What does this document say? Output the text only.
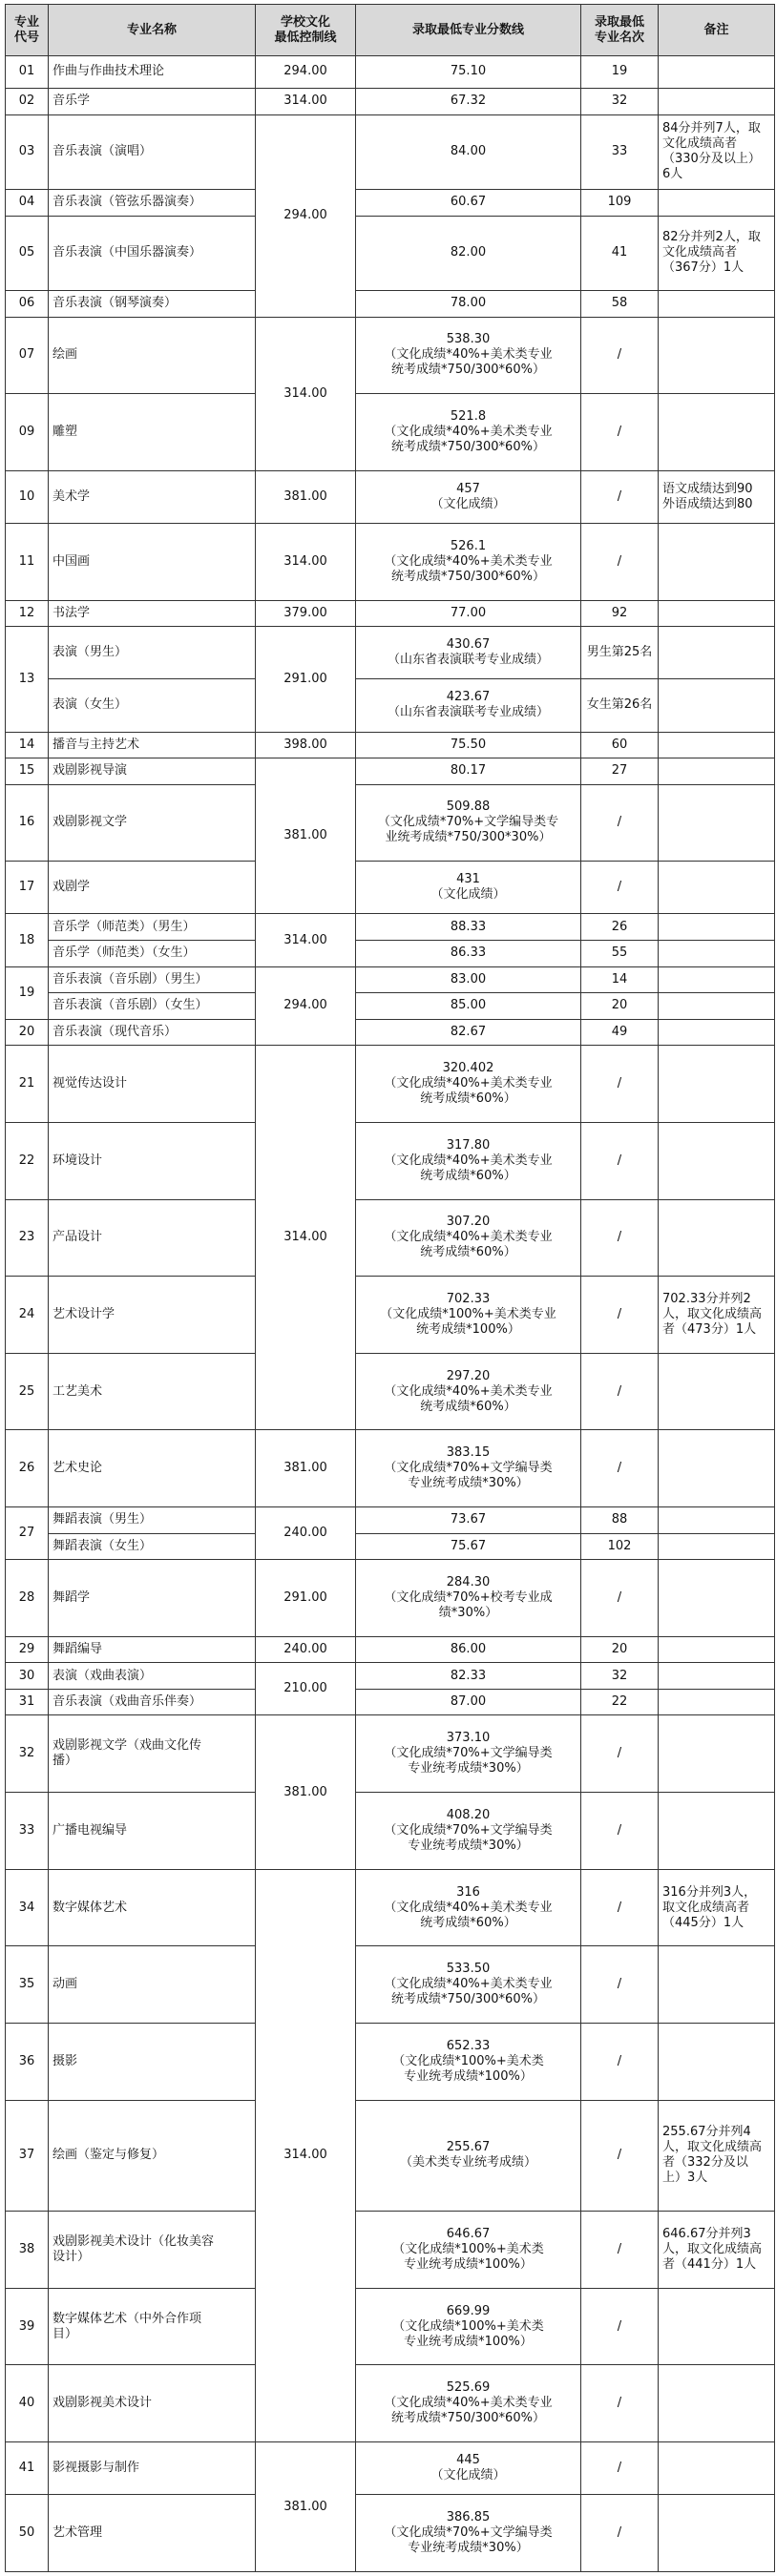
专业
代号	专业名称	学校文化
最低控制线	录取最低专业分数线	录取最低
专业名次	备注
01	作曲与作曲技术理论	294.00	75.10	19	
02	音乐学	314.00	67.32	32	
03	音乐表演（演唱）	294.00	84.00	33	84分并列7人，取
文化成绩高者
（330分及以上）
6人
04	音乐表演（管弦乐器演奏）		60.67	109	
05	音乐表演（中国乐器演奏）		82.00	41	82分并列2人，取
文化成绩高者
（367分）1人
06	音乐表演（钢琴演奏）		78.00	58	
07	绘画	314.00	538.30
（文化成绩*40%+美术类专业
统考成绩*750/300*60%）	/	
09	雕塑		521.8
（文化成绩*40%+美术类专业
统考成绩*750/300*60%）	/	
10	美术学	381.00	457
（文化成绩）	/	语文成绩达到90
外语成绩达到80
11	中国画	314.00	526.1
（文化成绩*40%+美术类专业
统考成绩*750/300*60%）	/	
12	书法学	379.00	77.00	92	
13	表演（男生）	291.00	430.67
（山东省表演联考专业成绩）	男生第25名	
	表演（女生）		423.67
（山东省表演联考专业成绩）	女生第26名	
14	播音与主持艺术	398.00	75.50	60	
15	戏剧影视导演	381.00	80.17	27	
16	戏剧影视文学		509.88
（文化成绩*70%+文学编导类专
业统考成绩*750/300*30%）	/	
17	戏剧学		431
（文化成绩）	/	
18	音乐学（师范类）（男生）	314.00	88.33	26	
	音乐学（师范类）（女生）		86.33	55	
19	音乐表演（音乐剧）（男生）	294.00	83.00	14	
	音乐表演（音乐剧）（女生）		85.00	20	
20	音乐表演（现代音乐）		82.67	49	
21	视觉传达设计	314.00	320.402
（文化成绩*40%+美术类专业
统考成绩*60%）	/	
22	环境设计		317.80
（文化成绩*40%+美术类专业
统考成绩*60%）	/	
23	产品设计		307.20
（文化成绩*40%+美术类专业
统考成绩*60%）	/	
24	艺术设计学		702.33
（文化成绩*100%+美术类专业
统考成绩*100%）	/	702.33分并列2
人，取文化成绩高
者（473分）1人
25	工艺美术		297.20
（文化成绩*40%+美术类专业
统考成绩*60%）	/	
26	艺术史论	381.00	383.15
（文化成绩*70%+文学编导类
专业统考成绩*30%）	/	
27	舞蹈表演（男生）	240.00	73.67	88	
	舞蹈表演（女生）		75.67	102	
28	舞蹈学	291.00	284.30
（文化成绩*70%+校考专业成
绩*30%）	/	
29	舞蹈编导	240.00	86.00	20	
30	表演（戏曲表演）	210.00	82.33	32	
31	音乐表演（戏曲音乐伴奏）		87.00	22	
32	戏剧影视文学（戏曲文化传
播）	381.00	373.10
（文化成绩*70%+文学编导类
专业统考成绩*30%）	/	
33	广播电视编导		408.20
（文化成绩*70%+文学编导类
专业统考成绩*30%）	/	
34	数字媒体艺术	314.00	316
（文化成绩*40%+美术类专业
统考成绩*60%）	/	316分并列3人，
取文化成绩高者
（445分）1人
35	动画		533.50
（文化成绩*40%+美术类专业
统考成绩*750/300*60%）	/	
36	摄影		652.33
（文化成绩*100%+美术类
专业统考成绩*100%）	/	
37	绘画（鉴定与修复）		255.67
（美术类专业统考成绩）	/	255.67分并列4
人，取文化成绩高
者（332分及以
上）3人
38	戏剧影视美术设计（化妆美容
设计）		646.67
（文化成绩*100%+美术类
专业统考成绩*100%）	/	646.67分并列3
人，取文化成绩高
者（441分）1人
39	数字媒体艺术（中外合作项
目）		669.99
（文化成绩*100%+美术类
专业统考成绩*100%）	/	
40	戏剧影视美术设计		525.69
（文化成绩*40%+美术类专业
统考成绩*750/300*60%）	/	
41	影视摄影与制作	381.00	445
（文化成绩）	/	
50	艺术管理		386.85
（文化成绩*70%+文学编导类
专业统考成绩*30%）	/	
